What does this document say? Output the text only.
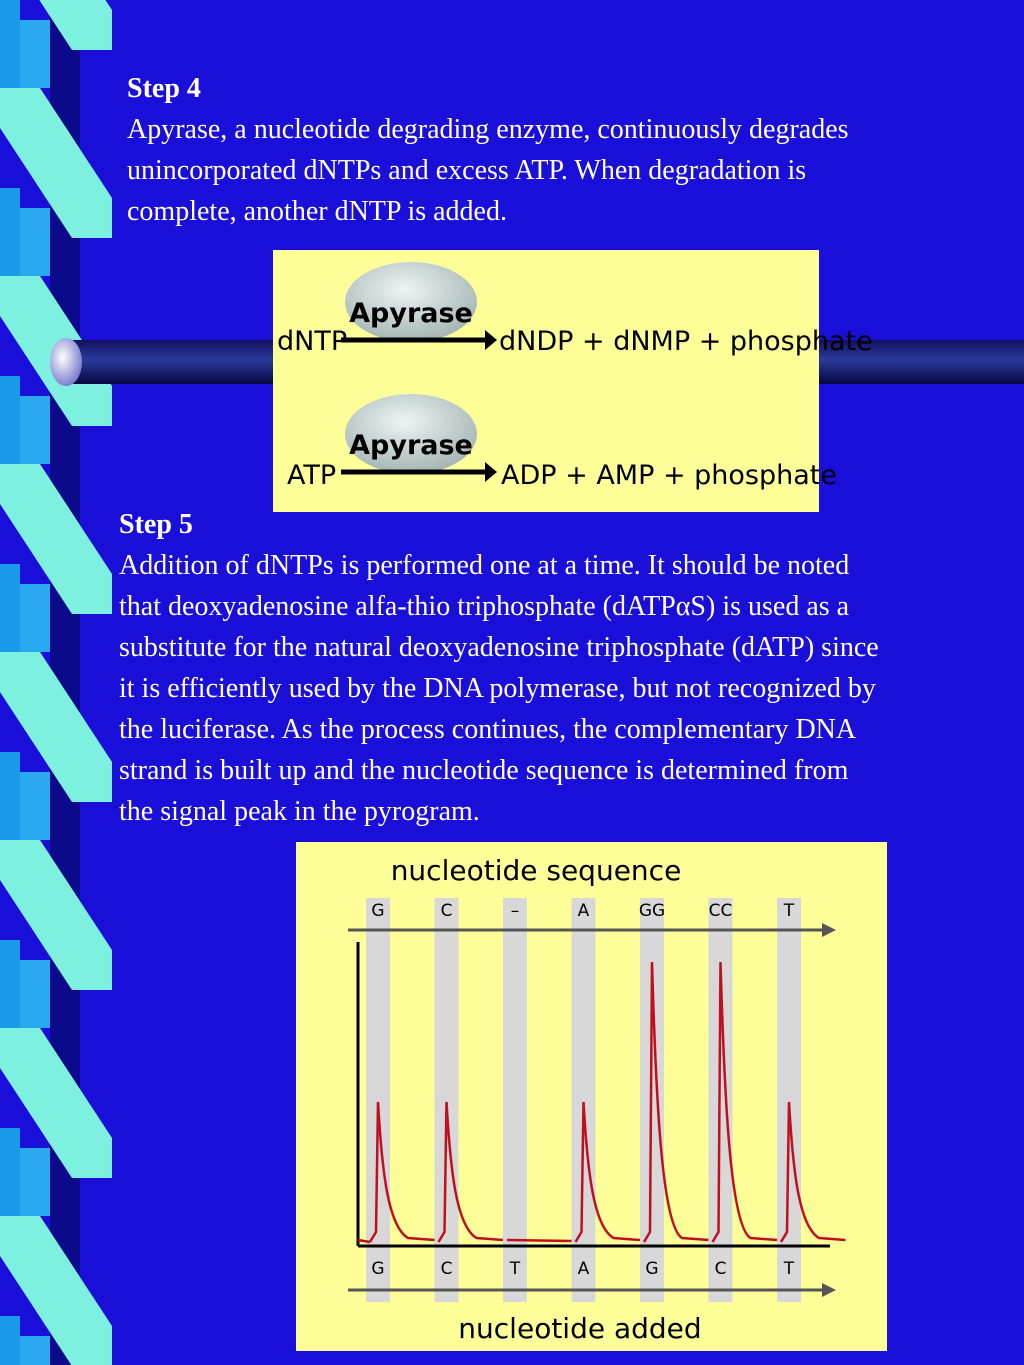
Step 4
Apyrase, a nucleotide degrading enzyme, continuously degrades
unincorporated dNTPs and excess ATP. When degradation is
complete, another dNTP is added.
Apyrase
dNTP	dNDP + dNMP + phosphate
Apyrase
ATP	ADP + AMP + phosphate
Step 5
Addition of dNTPs is performed one at a time. It should be noted
that deoxyadenosine alfa-thio triphosphate (dATPαS) is used as a
substitute for the natural deoxyadenosine triphosphate (dATP) since
it is efficiently used by the DNA polymerase, but not recognized by
the luciferase. As the process continues, the complementary DNA
strand is built up and the nucleotide sequence is determined from
the signal peak in the pyrogram.
nucleotide sequence
nucleotide added
G	C	–	A	GG	CC	T
G	C	T	A	G	C	T
